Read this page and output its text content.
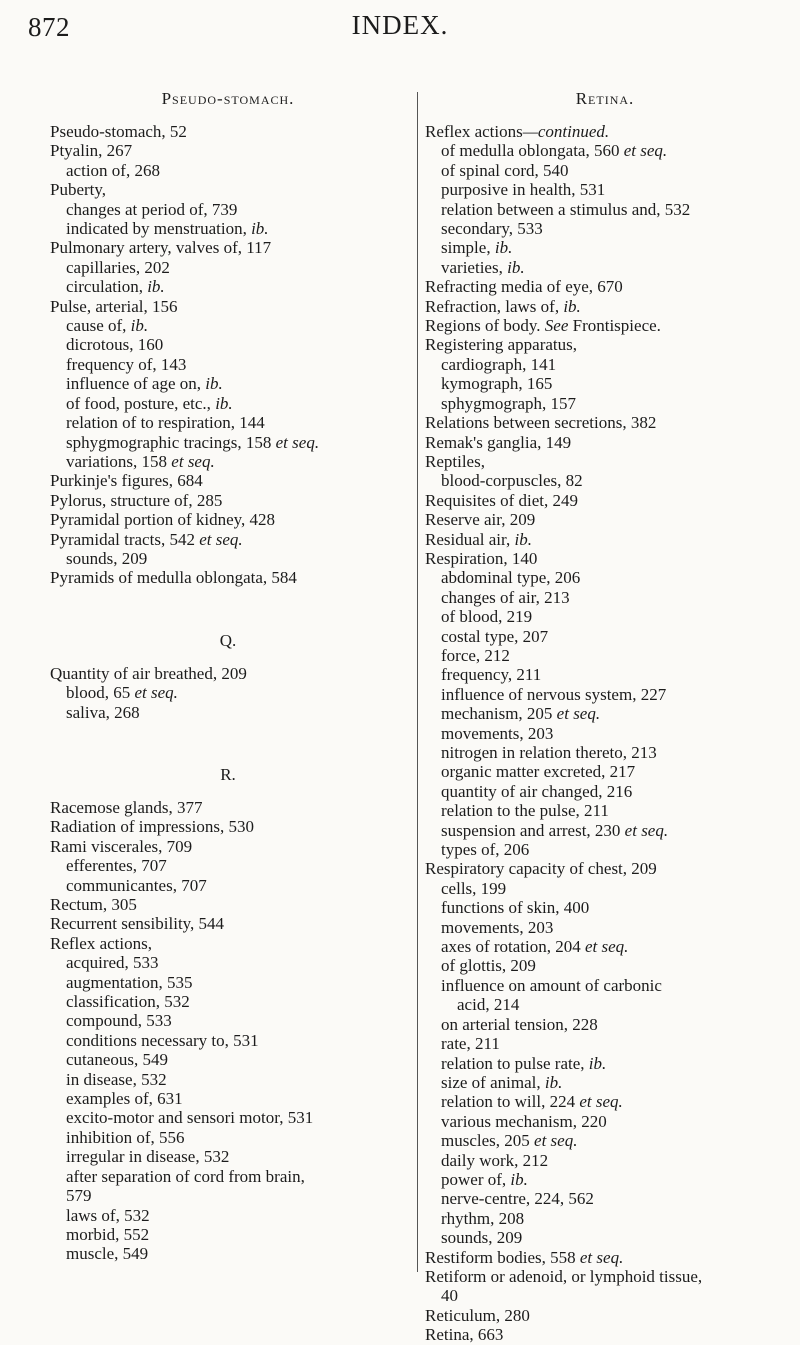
872	INDEX.
Pseudo-stomach.
Pseudo-stomach, 52
Ptyalin, 267
action of, 268
Puberty,
changes at period of, 739
indicated by menstruation, ib.
Pulmonary artery, valves of, 117
capillaries, 202
circulation, ib.
Pulse, arterial, 156
cause of, ib.
dicrotous, 160
frequency of, 143
influence of age on, ib.
of food, posture, etc., ib.
relation of to respiration, 144
sphygmographic tracings, 158 et seq.
variations, 158 et seq.
Purkinje's figures, 684
Pylorus, structure of, 285
Pyramidal portion of kidney, 428
Pyramidal tracts, 542 et seq.
sounds, 209
Pyramids of medulla oblongata, 584
Q.
Quantity of air breathed, 209
blood, 65 et seq.
saliva, 268
R.
Racemose glands, 377
Radiation of impressions, 530
Rami viscerales, 709
efferentes, 707
communicantes, 707
Rectum, 305
Recurrent sensibility, 544
Reflex actions,
acquired, 533
augmentation, 535
classification, 532
compound, 533
conditions necessary to, 531
cutaneous, 549
in disease, 532
examples of, 631
excito-motor and sensori motor, 531
inhibition of, 556
irregular in disease, 532
after separation of cord from brain,
579
laws of, 532
morbid, 552
muscle, 549
Retina.
Reflex actions—continued.
of medulla oblongata, 560 et seq.
of spinal cord, 540
purposive in health, 531
relation between a stimulus and, 532
secondary, 533
simple, ib.
varieties, ib.
Refracting media of eye, 670
Refraction, laws of, ib.
Regions of body. See Frontispiece.
Registering apparatus,
cardiograph, 141
kymograph, 165
sphygmograph, 157
Relations between secretions, 382
Remak's ganglia, 149
Reptiles,
blood-corpuscles, 82
Requisites of diet, 249
Reserve air, 209
Residual air, ib.
Respiration, 140
abdominal type, 206
changes of air, 213
of blood, 219
costal type, 207
force, 212
frequency, 211
influence of nervous system, 227
mechanism, 205 et seq.
movements, 203
nitrogen in relation thereto, 213
organic matter excreted, 217
quantity of air changed, 216
relation to the pulse, 211
suspension and arrest, 230 et seq.
types of, 206
Respiratory capacity of chest, 209
cells, 199
functions of skin, 400
movements, 203
axes of rotation, 204 et seq.
of glottis, 209
influence on amount of carbonic
acid, 214
on arterial tension, 228
rate, 211
relation to pulse rate, ib.
size of animal, ib.
relation to will, 224 et seq.
various mechanism, 220
muscles, 205 et seq.
daily work, 212
power of, ib.
nerve-centre, 224, 562
rhythm, 208
sounds, 209
Restiform bodies, 558 et seq.
Retiform or adenoid, or lymphoid tissue,
40
Reticulum, 280
Retina, 663
